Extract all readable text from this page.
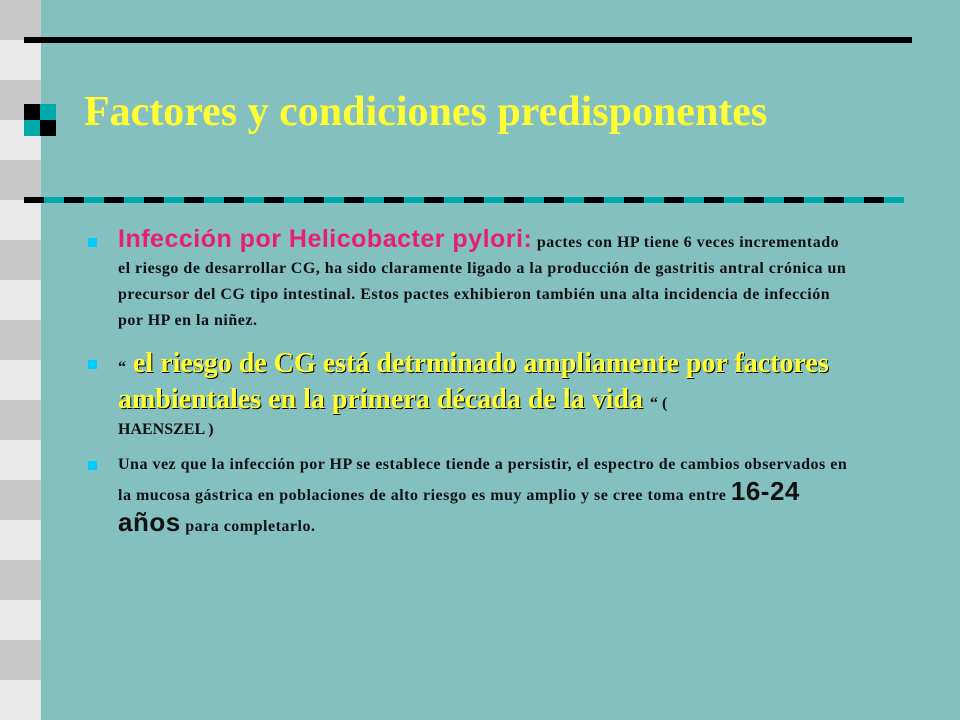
Factores y condiciones predisponentes
Infección por Helicobacter pylori: pactes con HP tiene 6 veces incrementado el riesgo de desarrollar CG, ha sido claramente ligado a la producción de gastritis antral crónica un precursor del CG tipo intestinal. Estos pactes exhibieron también una alta incidencia de infección por HP en la niñez.
“ el riesgo de CG está detrminado ampliamente por factores ambientales en la primera década de la vida “ (
HAENSZEL )
Una vez que la infección por HP se establece tiende a persistir, el espectro de cambios observados en la mucosa gástrica en poblaciones de alto riesgo es muy amplio y se cree toma entre 16-24 años para completarlo.
